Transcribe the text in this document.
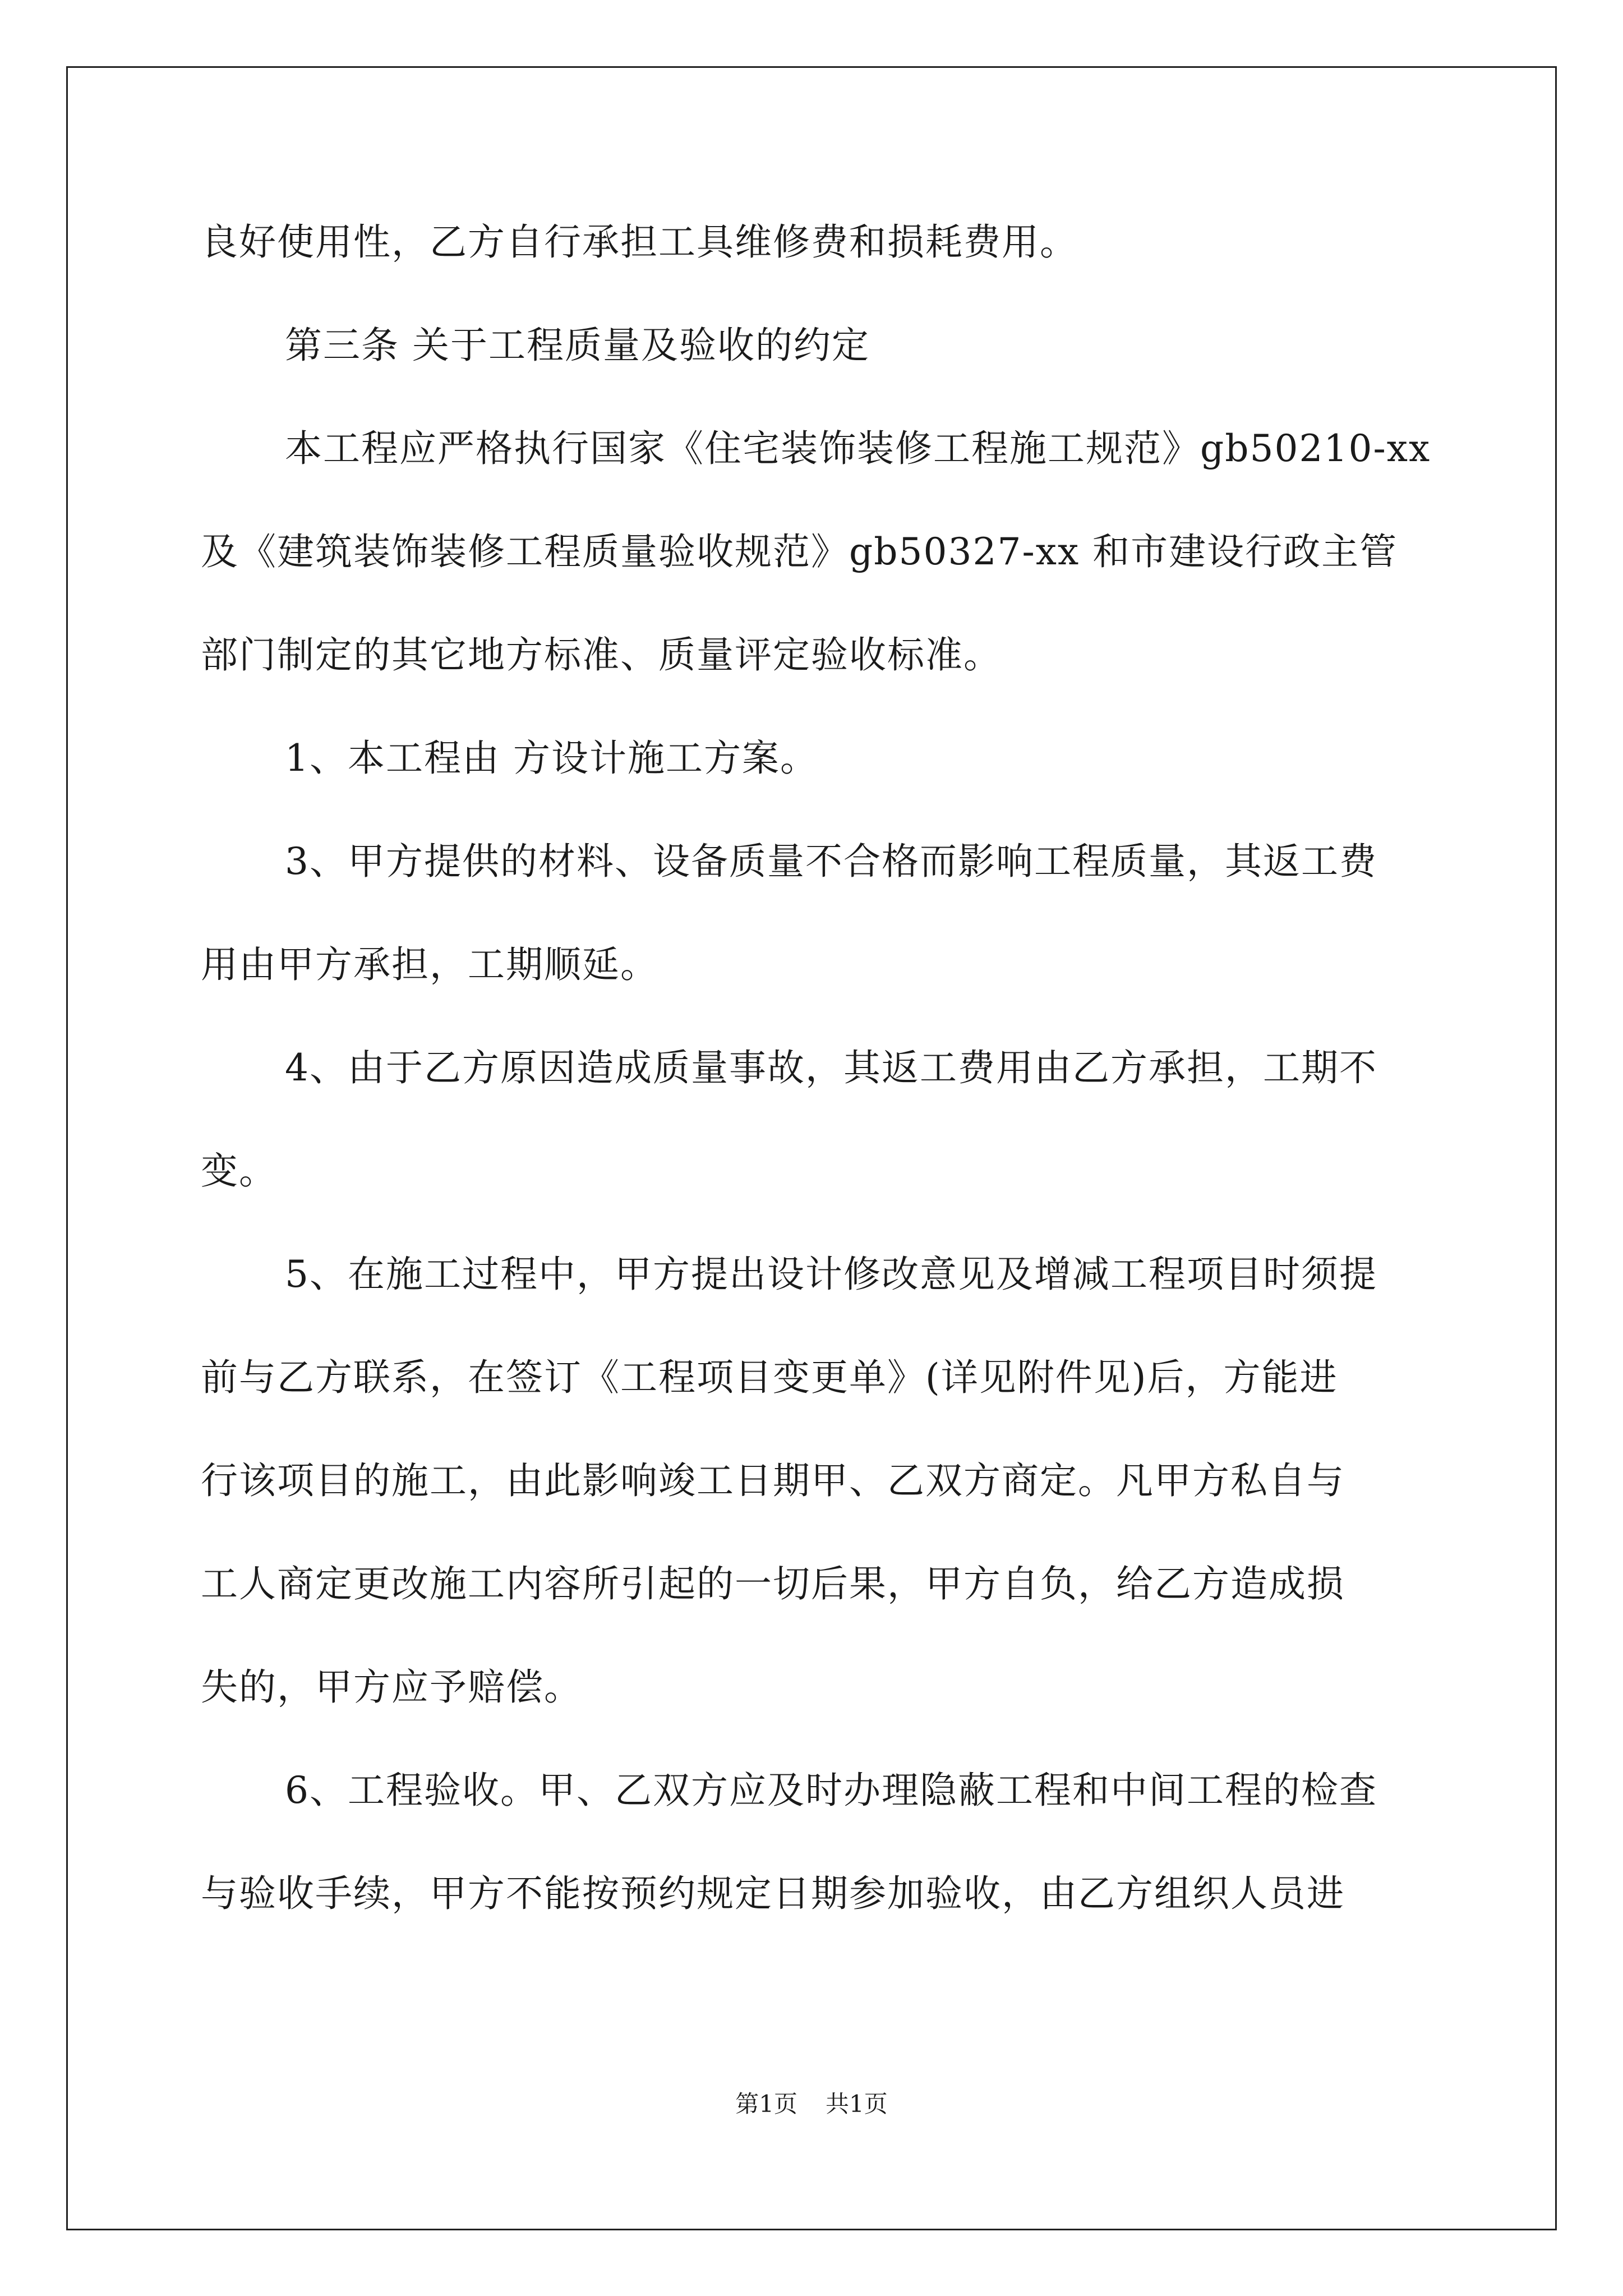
良好使用性，乙方自行承担工具维修费和损耗费用。
第三条 关于工程质量及验收的约定
本工程应严格执行国家《住宅装饰装修工程施工规范》gb50210-xx
及《建筑装饰装修工程质量验收规范》gb50327-xx 和市建设行政主管
部门制定的其它地方标准、质量评定验收标准。
1、本工程由 方设计施工方案。
3、甲方提供的材料、设备质量不合格而影响工程质量，其返工费
用由甲方承担，工期顺延。
4、由于乙方原因造成质量事故，其返工费用由乙方承担，工期不
变。
5、在施工过程中，甲方提出设计修改意见及增减工程项目时须提
前与乙方联系，在签订《工程项目变更单》(详见附件见)后，方能进
行该项目的施工，由此影响竣工日期甲、乙双方商定。凡甲方私自与
工人商定更改施工内容所引起的一切后果，甲方自负，给乙方造成损
失的，甲方应予赔偿。
6、工程验收。甲、乙双方应及时办理隐蔽工程和中间工程的检查
与验收手续，甲方不能按预约规定日期参加验收，由乙方组织人员进

第1页 共1页
